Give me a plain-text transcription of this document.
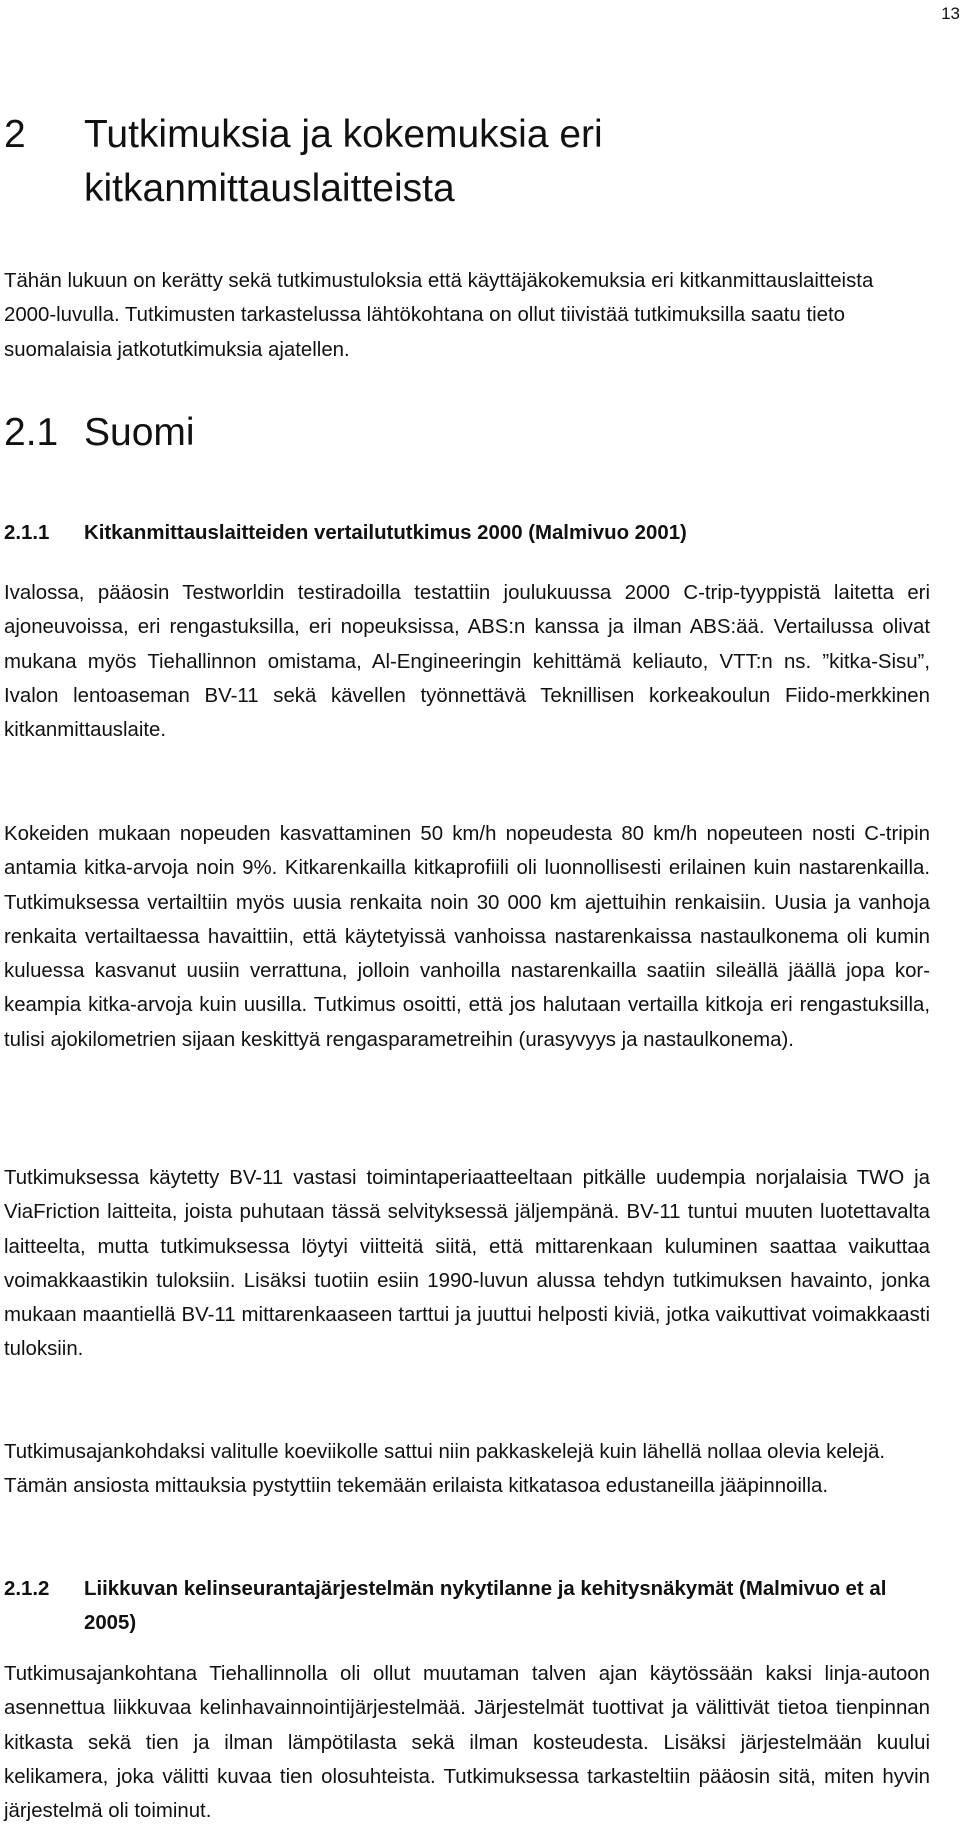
13
2	Tutkimuksia ja kokemuksia eri kitkanmittauslaitteista

Tähän lukuun on kerätty sekä tutkimustuloksia että käyttäjäkokemuksia eri kitkanmittauslaitteista 2000-luvulla. Tutkimusten tarkastelussa lähtökohtana on ollut tiivistää tutkimuksilla saatu tieto suomalaisia jatkotutkimuksia ajatellen.

2.1 Suomi
2.1.1	Kitkanmittauslaitteiden vertailututkimus 2000 (Malmivuo 2001)

Ivalossa, pääosin Testworldin testiradoilla testattiin joulukuussa 2000 C-trip-tyyppistä laitetta eri ajoneuvoissa, eri rengastuksilla, eri nopeuksissa, ABS:n kanssa ja ilman ABS:ää. Vertailussa olivat mukana myös Tiehallinnon omistama, Al-Engineeringin kehittämä keliauto, VTT:n ns. ”kitka-Sisu”, Ivalon lentoaseman BV-11 sekä kävellen työnnettävä Teknillisen korkeakoulun Fiido-merkkinen kitkanmittauslaite.

Kokeiden mukaan nopeuden kasvattaminen 50 km/h nopeudesta 80 km/h nopeuteen nosti C-tripin antamia kitka-arvoja noin 9%. Kitkarenkailla kitkaprofiili oli luonnollisesti erilainen kuin nastarenkailla. Tutkimuksessa vertailtiin myös uusia renkaita noin 30 000 km ajettuihin renkaisiin. Uusia ja vanhoja renkaita vertailtaessa havaittiin, että käytetyissä vanhoissa nastarenkaissa nastaulkonema oli kumin kuluessa kasvanut uusiin verrattuna, jolloin vanhoilla nastarenkailla saatiin sileällä jäällä jopa korkeampia kitka-arvoja kuin uusilla. Tutkimus osoitti, että jos halutaan vertailla kitkoja eri rengastuksilla, tulisi ajokilometrien sijaan keskittyä rengasparametreihin (urasyvyys ja nastaulkonema).

Tutkimuksessa käytetty BV-11 vastasi toimintaperiaatteeltaan pitkälle uudempia norjalaisia TWO ja ViaFriction laitteita, joista puhutaan tässä selvityksessä jäljempänä. BV-11 tuntui muuten luotettavalta laitteelta, mutta tutkimuksessa löytyi viitteitä siitä, että mittarenkaan kuluminen saattaa vaikuttaa voimakkaastikin tuloksiin. Lisäksi tuotiin esiin 1990-luvun alussa tehdyn tutkimuksen havainto, jonka mukaan maantiellä BV-11 mittarenkaaseen tarttui ja juuttui helposti kiviä, jotka vaikuttivat voimakkaasti tuloksiin.

Tutkimusajankohdaksi valitulle koeviikolle sattui niin pakkaskelejä kuin lähellä nollaa olevia kelejä. Tämän ansiosta mittauksia pystyttiin tekemään erilaista kitkatasoa edustaneilla jääpinnoilla.

2.1.2	Liikkuvan kelinseurantajärjestelmän nykytilanne ja kehitysnäkymät (Malmivuo et al 2005)

Tutkimusajankohtana Tiehallinnolla oli ollut muutaman talven ajan käytössään kaksi linja-autoon asennettua liikkuvaa kelinhavainnointijärjestelmää. Järjestelmät tuottivat ja välittivät tietoa tienpinnan kitkasta sekä tien ja ilman lämpötilasta sekä ilman kosteudesta. Lisäksi järjestelmään kuului kelikamera, joka välitti kuvaa tien olosuhteista. Tutkimuksessa tarkasteltiin pääosin sitä, miten hyvin järjestelmä oli toiminut.
